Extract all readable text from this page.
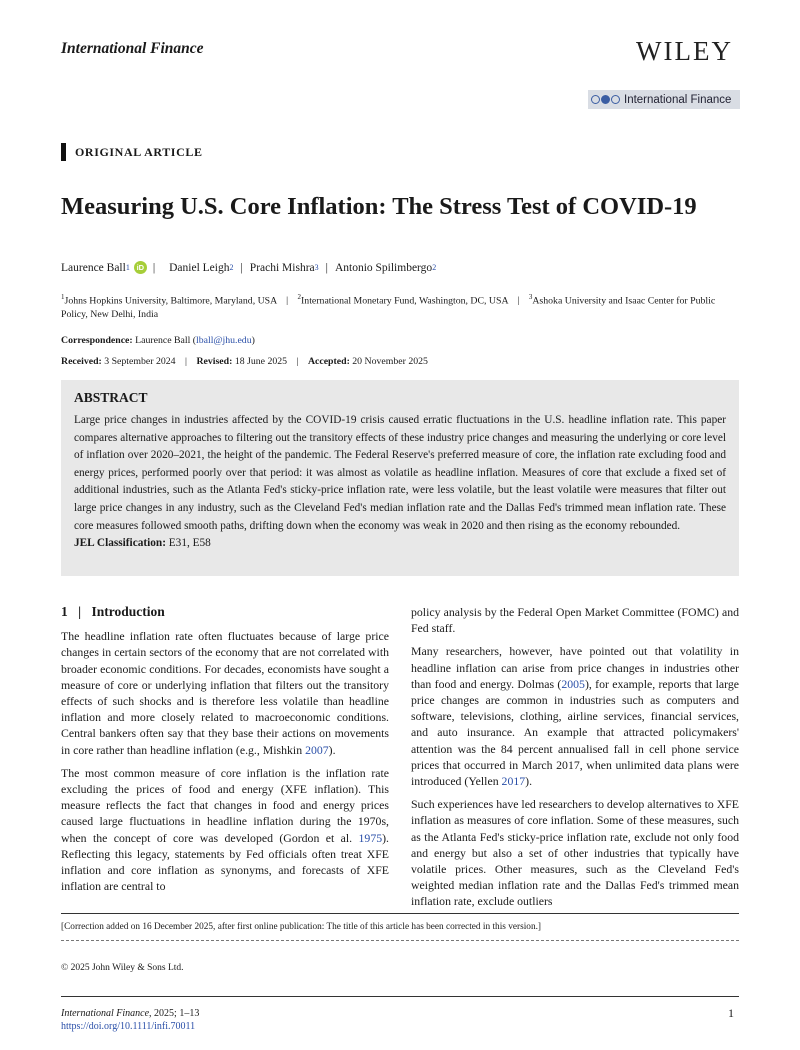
International Finance	WILEY
International Finance
ORIGINAL ARTICLE
Measuring U.S. Core Inflation: The Stress Test of COVID-19
Laurence Ball 1 iD | Daniel Leigh 2 | Prachi Mishra 3 | Antonio Spilimbergo 2
$^1$Johns Hopkins University, Baltimore, Maryland, USA | $^2$International Monetary Fund, Washington, DC, USA | $^3$Ashoka University and Isaac Center for Public Policy, New Delhi, India
Correspondence: Laurence Ball (lball@jhu.edu)
Received: 3 September 2024 | Revised: 18 June 2025 | Accepted: 20 November 2025
ABSTRACT

Large price changes in industries affected by the COVID-19 crisis caused erratic fluctuations in the U.S. headline inflation rate. This paper compares alternative approaches to filtering out the transitory effects of these industry price changes and measuring the underlying or core level of inflation over 2020–2021, the height of the pandemic. The Federal Reserve's preferred measure of core, the inflation rate excluding food and energy prices, performed poorly over that period: it was almost as volatile as headline inflation. Measures of core that exclude a fixed set of additional industries, such as the Atlanta Fed's sticky-price inflation rate, were less volatile, but the least volatile were measures that filter out large price changes in any industry, such as the Cleveland Fed's median inflation rate and the Dallas Fed's trimmed mean inflation rate. These core measures followed smooth paths, drifting down when the economy was weak in 2020 and then rising as the economy rebounded.

JEL Classification: E31, E58
1 | Introduction

The headline inflation rate often fluctuates because of large price changes in certain sectors of the economy that are not correlated with broader economic conditions. For decades, economists have sought a measure of core or underlying inflation that filters out the transitory effects of such shocks and is therefore less volatile than headline inflation and more closely related to macroeconomic conditions. Central bankers often say that they base their actions on movements in core rather than headline inflation (e.g., Mishkin 2007).

The most common measure of core inflation is the inflation rate excluding the prices of food and energy (XFE inflation). This measure reflects the fact that changes in food and energy prices caused large fluctuations in headline inflation during the 1970s, when the concept of core was developed (Gordon et al. 1975). Reflecting this legacy, statements by Fed officials often treat XFE inflation and core inflation as synonyms, and forecasts of XFE inflation are central to

policy analysis by the Federal Open Market Committee (FOMC) and Fed staff.

Many researchers, however, have pointed out that volatility in headline inflation can arise from price changes in industries other than food and energy. Dolmas (2005), for example, reports that large price changes are common in industries such as computers and software, televisions, clothing, airline services, financial services, and auto insurance. An example that attracted policymakers' attention was the 84 percent annualised fall in cell phone service prices that occurred in March 2017, when unlimited data plans were introduced (Yellen 2017).

Such experiences have led researchers to develop alternatives to XFE inflation as measures of core inflation. Some of these measures, such as the Atlanta Fed's sticky-price inflation rate, exclude not only food and energy but also a set of other industries that typically have volatile prices. Other measures, such as the Cleveland Fed's weighted median inflation rate and the Dallas Fed's trimmed mean inflation rate, exclude outliers

[Correction added on 16 December 2025, after first online publication: The title of this article has been corrected in this version.]
© 2025 John Wiley & Sons Ltd.
International Finance, 2025; 1–13
https://doi.org/10.1111/infi.70011
1
